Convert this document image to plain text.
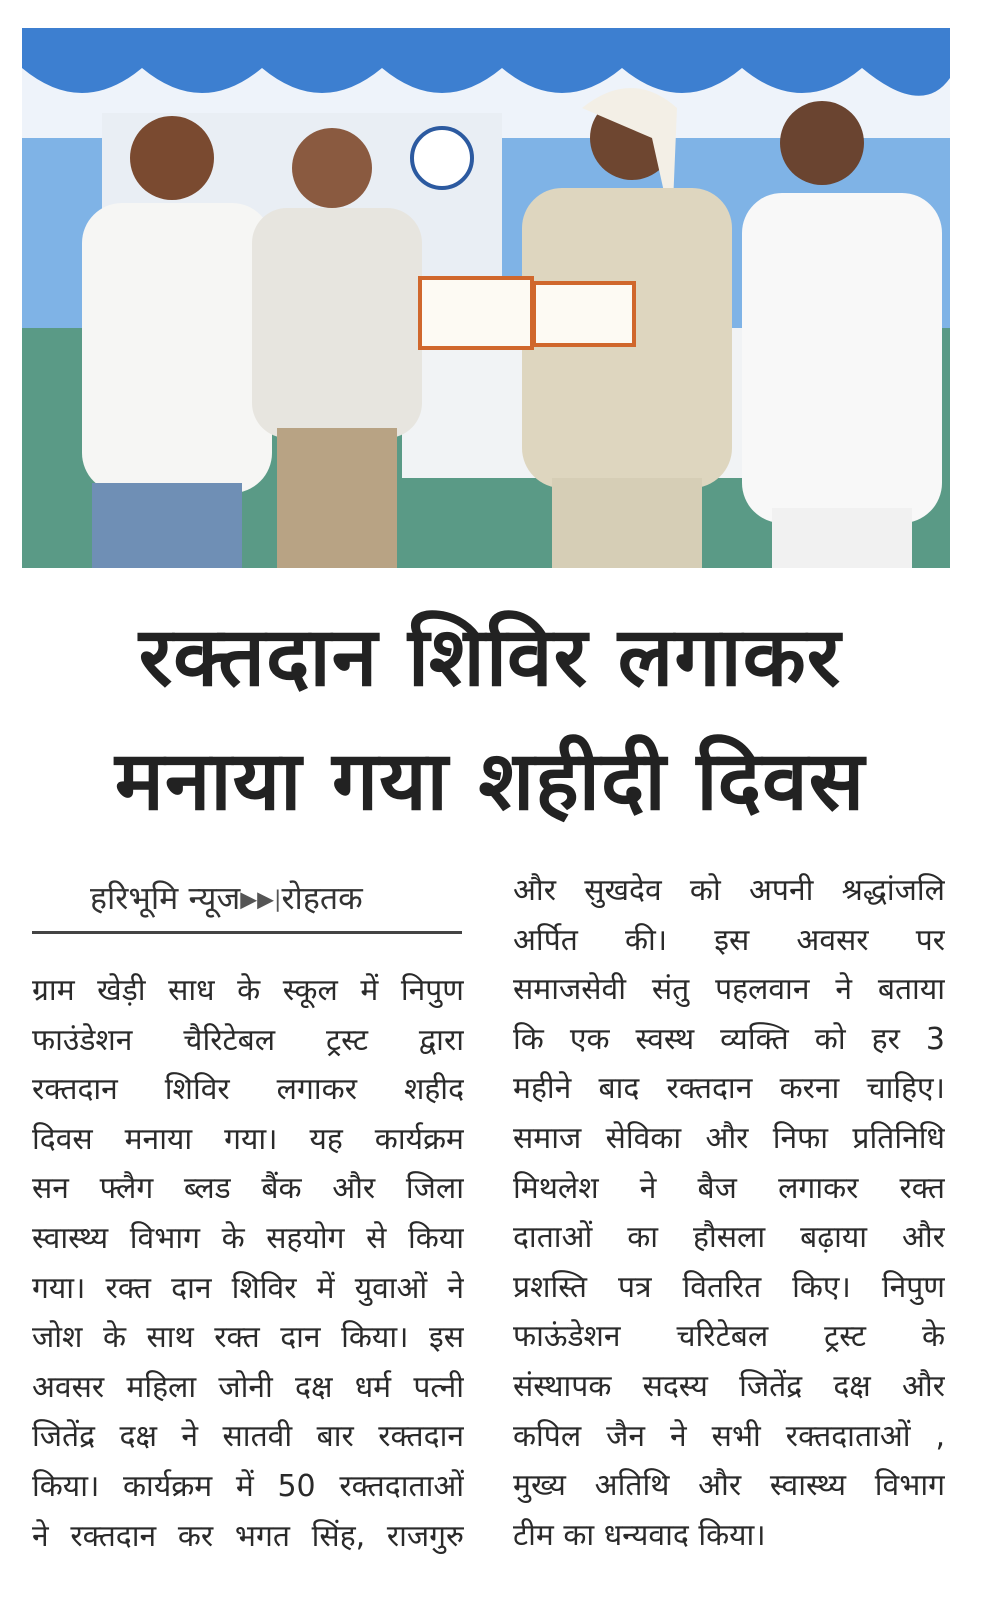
रक्तदान शिविर लगाकर
मनाया गया शहीदी दिवस
हरिभूमि न्यूज▶▶|रोहतक
ग्राम खेड़ी साध के स्कूल में निपुण
फाउंडेशन चैरिटेबल ट्रस्ट द्वारा
रक्तदान शिविर लगाकर शहीद
दिवस मनाया गया। यह कार्यक्रम
सन फ्लैग ब्लड बैंक और जिला
स्वास्थ्य विभाग के सहयोग से किया
गया। रक्त दान शिविर में युवाओं ने
जोश के साथ रक्त दान किया। इस
अवसर महिला जोनी दक्ष धर्म पत्नी
जितेंद्र दक्ष ने सातवी बार रक्तदान
किया। कार्यक्रम में 50 रक्तदाताओं
ने रक्तदान कर भगत सिंह, राजगुरु
और सुखदेव को अपनी श्रद्धांजलि
अर्पित की। इस अवसर पर
समाजसेवी संतु पहलवान ने बताया
कि एक स्वस्थ व्यक्ति को हर 3
महीने बाद रक्तदान करना चाहिए।
समाज सेविका और निफा प्रतिनिधि
मिथलेश ने बैज लगाकर रक्त
दाताओं का हौसला बढ़ाया और
प्रशस्ति पत्र वितरित किए। निपुण
फाऊंडेशन चरिटेबल ट्रस्ट के
संस्थापक सदस्य जितेंद्र दक्ष और
कपिल जैन ने सभी रक्तदाताओं ,
मुख्य अतिथि और स्वास्थ्य विभाग
टीम का धन्यवाद किया।
